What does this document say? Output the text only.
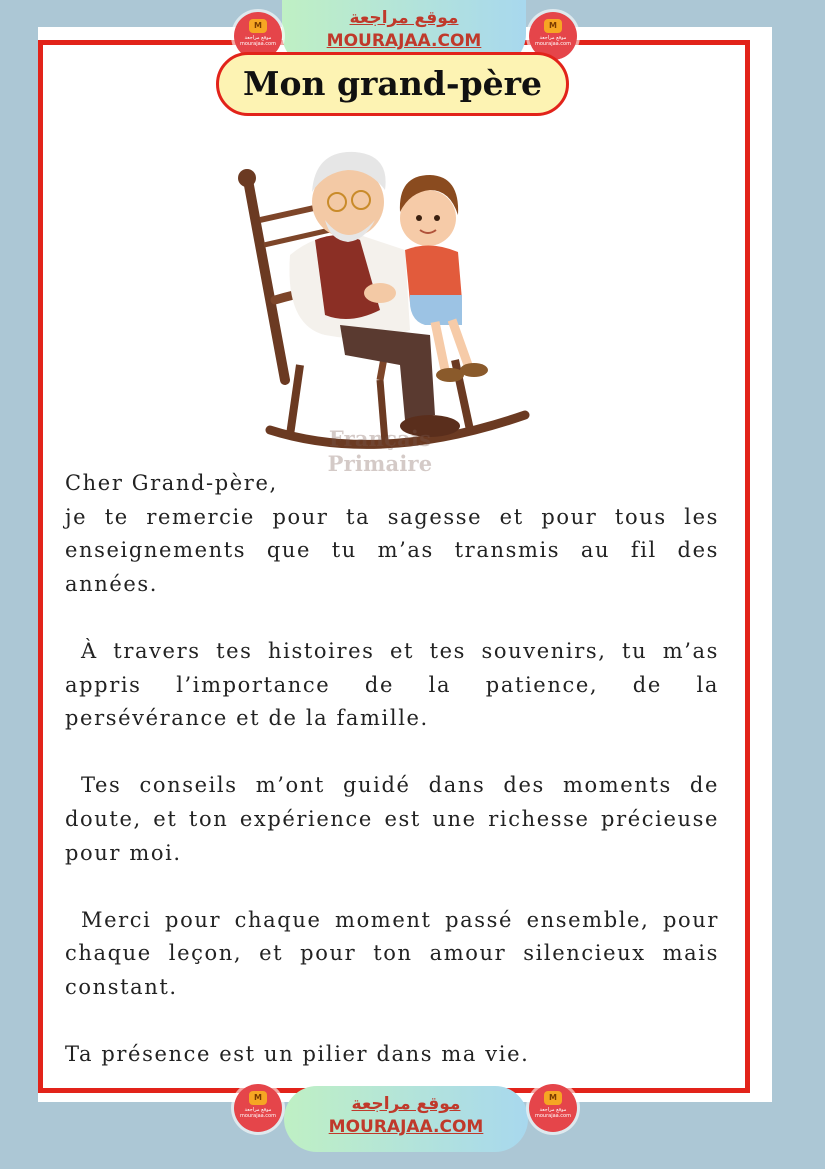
موقع مراجعة
MOURAJAA.COM
M
موقع مراجعة mourajaa.com
M
موقع مراجعة mourajaa.com
Mon grand-père
Français Primaire

Cher Grand-père,

je te remercie pour ta sagesse et pour tous les enseignements que tu m’as transmis au fil des années.

À travers tes histoires et tes souvenirs, tu m’as appris l’importance de la patience, de la persévérance et de la famille.

Tes conseils m’ont guidé dans des moments de doute, et ton expérience est une richesse précieuse pour moi.

Merci pour chaque moment passé ensemble, pour chaque leçon, et pour ton amour silencieux mais constant.

Ta présence est un pilier dans ma vie.

موقع مراجعة
MOURAJAA.COM
M
موقع مراجعة mourajaa.com
M
موقع مراجعة mourajaa.com
